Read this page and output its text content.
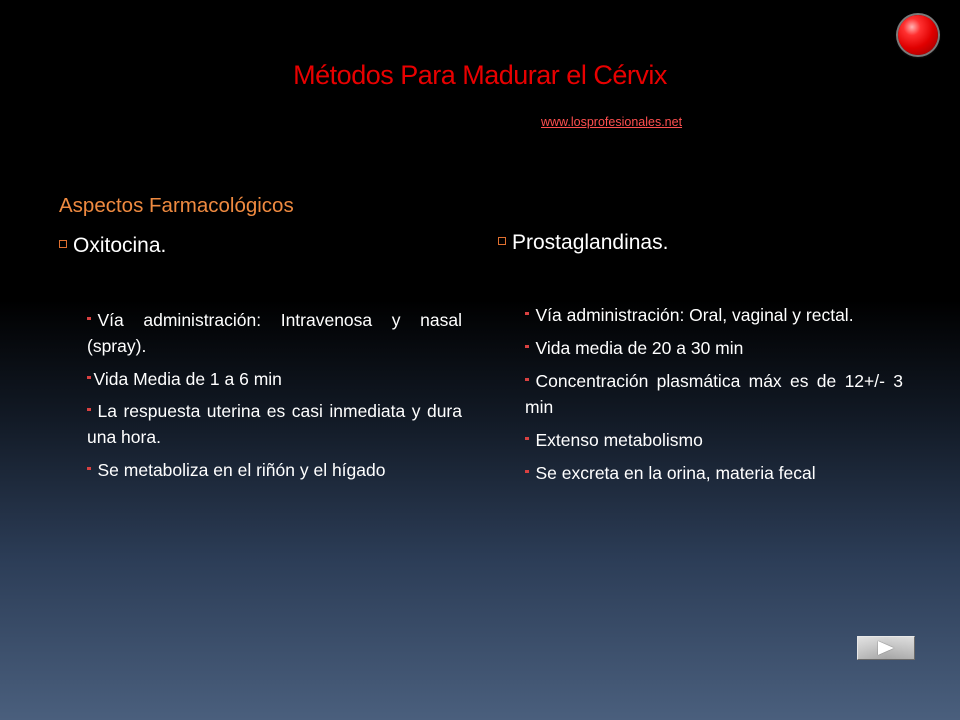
Métodos Para Madurar el Cérvix
www.losprofesionales.net
Aspectos Farmacológicos
Oxitocina.
Vía administración: Intravenosa y nasal (spray).
Vida Media de 1 a 6 min
La respuesta uterina es casi inmediata y dura una hora.
Se metaboliza en el riñón y el hígado
Prostaglandinas.
Vía administración: Oral, vaginal y rectal.
Vida media de 20 a 30 min
Concentración plasmática máx es de 12+/- 3 min
Extenso metabolismo
Se excreta en la orina, materia fecal
